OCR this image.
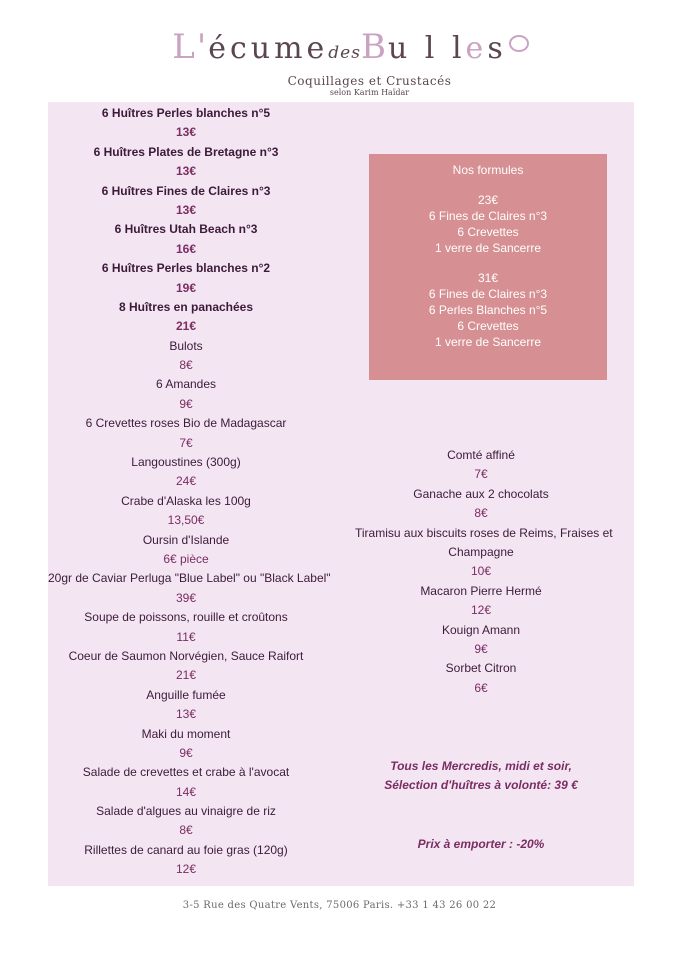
L'écumedesBu l les
Coquillages et Crustacés
selon Karim Haïdar
6 Huîtres Perles blanches n°5
13€
6 Huîtres Plates de Bretagne n°3
13€
6 Huîtres Fines de Claires n°3
13€
6 Huîtres Utah Beach n°3
16€
6 Huîtres Perles blanches n°2
19€
8 Huîtres en panachées
21€
Bulots
8€
6 Amandes
9€
6 Crevettes roses Bio de Madagascar
7€
Langoustines (300g)
24€
Crabe d'Alaska les 100g
13,50€
Oursin d'Islande
6€ pièce
20gr de Caviar Perluga "Blue Label" ou "Black Label"
39€
Soupe de poissons, rouille et croûtons
11€
Coeur de Saumon Norvégien, Sauce Raifort
21€
Anguille fumée
13€
Maki du moment
9€
Salade de crevettes et crabe à l'avocat
14€
Salade d'algues au vinaigre de riz
8€
Rillettes de canard au foie gras (120g)
12€
Nos formules
23€
6 Fines de Claires n°3
6 Crevettes
1 verre de Sancerre
31€
6 Fines de Claires n°3
6 Perles Blanches n°5
6 Crevettes
1 verre de Sancerre
Comté affiné
7€
Ganache aux 2 chocolats
8€
Tiramisu aux biscuits roses de Reims, Fraises et
Champagne
10€
Macaron Pierre Hermé
12€
Kouign Amann
9€
Sorbet Citron
6€
Tous les Mercredis, midi et soir,
Sélection d'huîtres à volonté: 39 €
Prix à emporter : -20%
3-5 Rue des Quatre Vents, 75006 Paris. +33 1 43 26 00 22
